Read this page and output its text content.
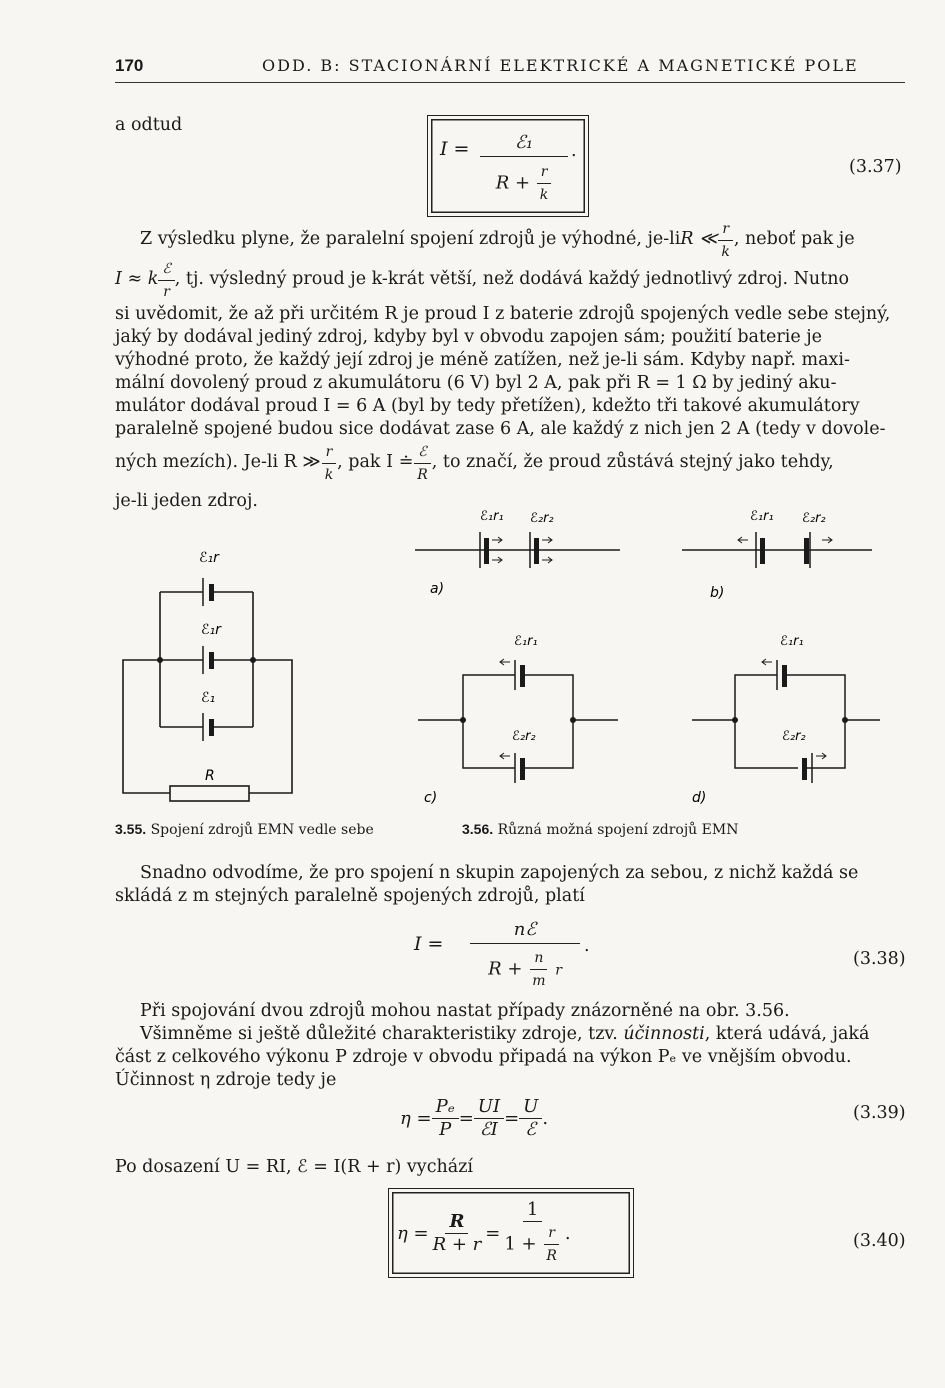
170	ODD. B: STACIONÁRNÍ ELEKTRICKÉ A MAGNETICKÉ POLE
a odtud
I =	ℰ₁
$R + \frac{r}{k}$
.
(3.37)
Z výsledku plyne, že paralelní spojení zdrojů je výhodné, je-li R ≪ $\frac{r}{k}$ , neboť pak je
I ≈ k $\frac{\text{ℰ}}{r}$ , tj. výsledný proud je k-krát větší, než dodává každý jednotlivý zdroj. Nutno
si uvědomit, že až při určitém R je proud I z baterie zdrojů spojených vedle sebe stejný,
jaký by dodával jediný zdroj, kdyby byl v obvodu zapojen sám; použití baterie je
výhodné proto, že každý její zdroj je méně zatížen, než je-li sám. Kdyby např. maxi-
mální dovolený proud z akumulátoru (6 V) byl 2 A, pak při R = 1 Ω by jediný aku-
mulátor dodával proud I = 6 A (byl by tedy přetížen), kdežto tři takové akumulátory
paralelně spojené budou sice dodávat zase 6 A, ale každý z nich jen 2 A (tedy v dovole-
ných mezích). Je-li R ≫ $\frac{r}{k}$ , pak I ≐ $\frac{\text{ℰ}}{R}$ , to značí, že proud zůstává stejný jako tehdy,
je-li jeden zdroj.
ℰ₁r
ℰ₁r
ℰ₁
R
3.55. Spojení zdrojů EMN vedle sebe
ℰ₁r₁ ℰ₂r₂
a)
ℰ₁r₁ ℰ₂r₂
b)
ℰ₁r₁
ℰ₂r₂
c)
ℰ₁r₁
ℰ₂r₂
d)
3.56. Různá možná spojení zdrojů EMN
Snadno odvodíme, že pro spojení n skupin zapojených za sebou, z nichž každá se
skládá z m stejných paralelně spojených zdrojů, platí
I =
nℰ
$R + \frac{n}{m}$ r
.
(3.38)
Při spojování dvou zdrojů mohou nastat případy znázorněné na obr. 3.56.
Všimněme si ještě důležité charakteristiky zdroje, tzv. účinnosti, která udává, jaká
část z celkového výkonu P zdroje v obvodu připadá na výkon Pₑ ve vnějším obvodu.
Účinnost η zdroje tedy je
$\eta = \frac{\text{Pₑ}}{P} = \frac{UI}{\text{ℰI}} = \frac{U}{\text{ℰ}}$ .	(3.39)
Po dosazení U = RI, ℰ = I(R + r) vychází
$\eta = \frac{R}{R + r} = \frac{1}{1 + \frac{r}{R}}$ .	(3.40)
